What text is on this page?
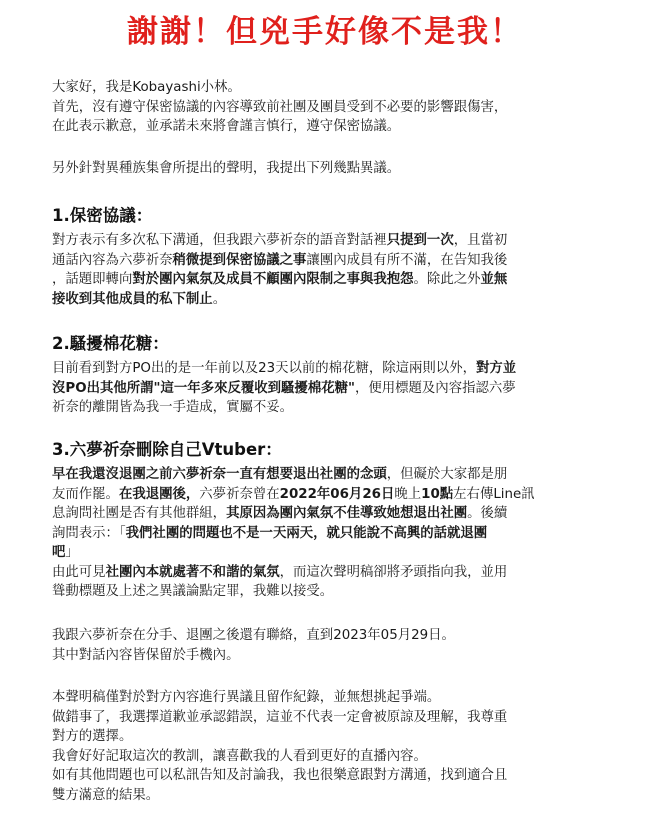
謝謝！但兇手好像不是我！

大家好，我是Kobayashi小林。

首先，沒有遵守保密協議的內容導致前社團及團員受到不必要的影響跟傷害，

在此表示歉意，並承諾未來將會謹言慎行，遵守保密協議。

另外針對異種族集會所提出的聲明，我提出下列幾點異議。

1.保密協議：

對方表示有多次私下溝通，但我跟六夢祈奈的語音對話裡只提到一次，且當初

通話內容為六夢祈奈稍微提到保密協議之事讓團內成員有所不滿，在告知我後

，話題即轉向對於團內氣氛及成員不顧團內限制之事與我抱怨。除此之外並無

接收到其他成員的私下制止。

2.騷擾棉花糖：

目前看到對方PO出的是一年前以及23天以前的棉花糖，除這兩則以外，對方並

沒PO出其他所謂"這一年多來反覆收到騷擾棉花糖"，便用標題及內容指認六夢

祈奈的離開皆為我一手造成，實屬不妥。

3.六夢祈奈刪除自己Vtuber：

早在我還沒退團之前六夢祈奈一直有想要退出社團的念頭，但礙於大家都是朋

友而作罷。在我退團後，六夢祈奈曾在2022年06月26日晚上10點左右傳Line訊

息詢問社團是否有其他群組，其原因為團內氣氛不佳導致她想退出社團。後續

詢問表示：「我們社團的問題也不是一天兩天，就只能說不高興的話就退團

吧」

由此可見社團內本就處著不和諧的氣氛，而這次聲明稿卻將矛頭指向我，並用

聳動標題及上述之異議論點定罪，我難以接受。

我跟六夢祈奈在分手、退團之後還有聯絡，直到2023年05月29日。

其中對話內容皆保留於手機內。

本聲明稿僅對於對方內容進行異議且留作紀錄，並無想挑起爭端。

做錯事了，我選擇道歉並承認錯誤，這並不代表一定會被原諒及理解，我尊重

對方的選擇。

我會好好記取這次的教訓，讓喜歡我的人看到更好的直播內容。

如有其他問題也可以私訊告知及討論我，我也很樂意跟對方溝通，找到適合且

雙方滿意的結果。
